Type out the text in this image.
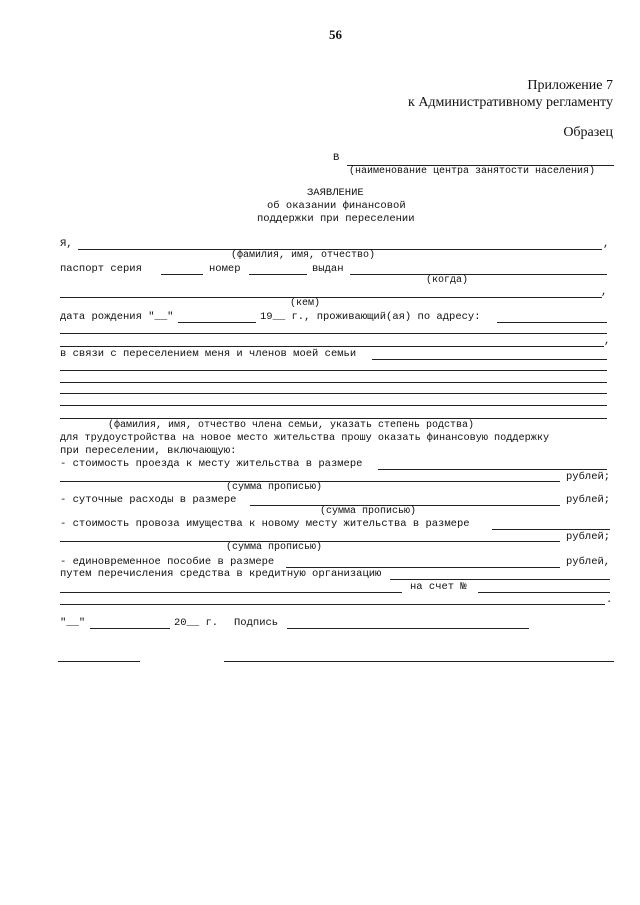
56
Приложение 7
к Административному регламенту
Образец
В
(наименование центра занятости населения)
ЗАЯВЛЕНИЕ
об оказании финансовой
поддержки при переселении
Я,	,
(фамилия, имя, отчество)
паспорт серия	номер	выдан
(когда)
,
(кем)
дата рождения "__"	19__ г., проживающий(ая) по адресу:
,
в связи с переселением меня и членов моей семьи
(фамилия, имя, отчество члена семьи, указать степень родства)
для трудоустройства на новое место жительства прошу оказать финансовую поддержку
при переселении, включающую:
- стоимость проезда к месту жительства в размере
рублей;
(сумма прописью)
- суточные расходы в размере	рублей;
(сумма прописью)
- стоимость провоза имущества к новому месту жительства в размере
рублей;
(сумма прописью)
- единовременное пособие в размере	рублей,
путем перечисления средства в кредитную организацию
на счет №
.
"__"	20__ г. Подпись
